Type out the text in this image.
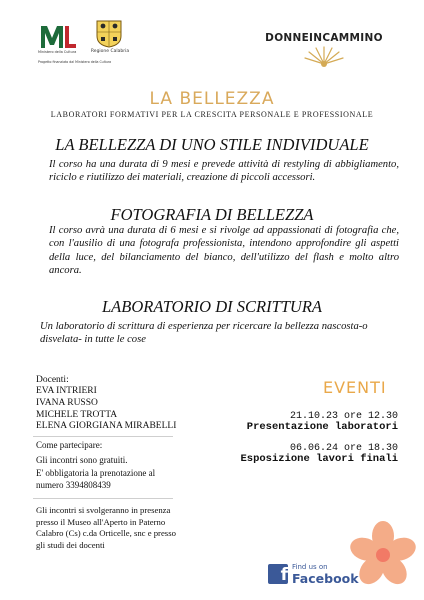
Ministero della Cultura
Progetto finanziato dal Ministero della Cultura
Regione Calabria
DONNEINCAMMINO
LA BELLEZZA
LABORATORI FORMATIVI PER LA CRESCITA PERSONALE E PROFESSIONALE
LA BELLEZZA DI UNO STILE INDIVIDUALE
Il corso ha una durata di 9 mesi e prevede attività di restyling di abbigliamento, riciclo e riutilizzo dei materiali, creazione di piccoli accessori.
FOTOGRAFIA DI BELLEZZA
Il corso avrà una durata di 6 mesi e si rivolge ad appassionati di fotografia che, con l'ausilio di una fotografa professionista, intendono approfondire gli aspetti della luce, del bilanciamento del bianco, dell'utilizzo del flash e molto altro ancora.
LABORATORIO DI SCRITTURA
Un laboratorio di scrittura di esperienza per ricercare la bellezza nascosta-o disvelata- in tutte le cose
Docenti:
EVA INTRIERI
IVANA RUSSO
MICHELE TROTTA
ELENA GIORGIANA MIRABELLI
Come partecipare:
Gli incontri sono gratuiti.
E' obbligatoria la prenotazione al numero 3394808439
Gli incontri si svolgeranno in presenza presso il Museo all'Aperto in Paterno Calabro (Cs) c.da Orticelle, snc e presso gli studi dei docenti
EVENTI
21.10.23 ore 12.30
Presentazione laboratori
06.06.24 ore 18.30
Esposizione lavori finali
f Find us on
Facebook
